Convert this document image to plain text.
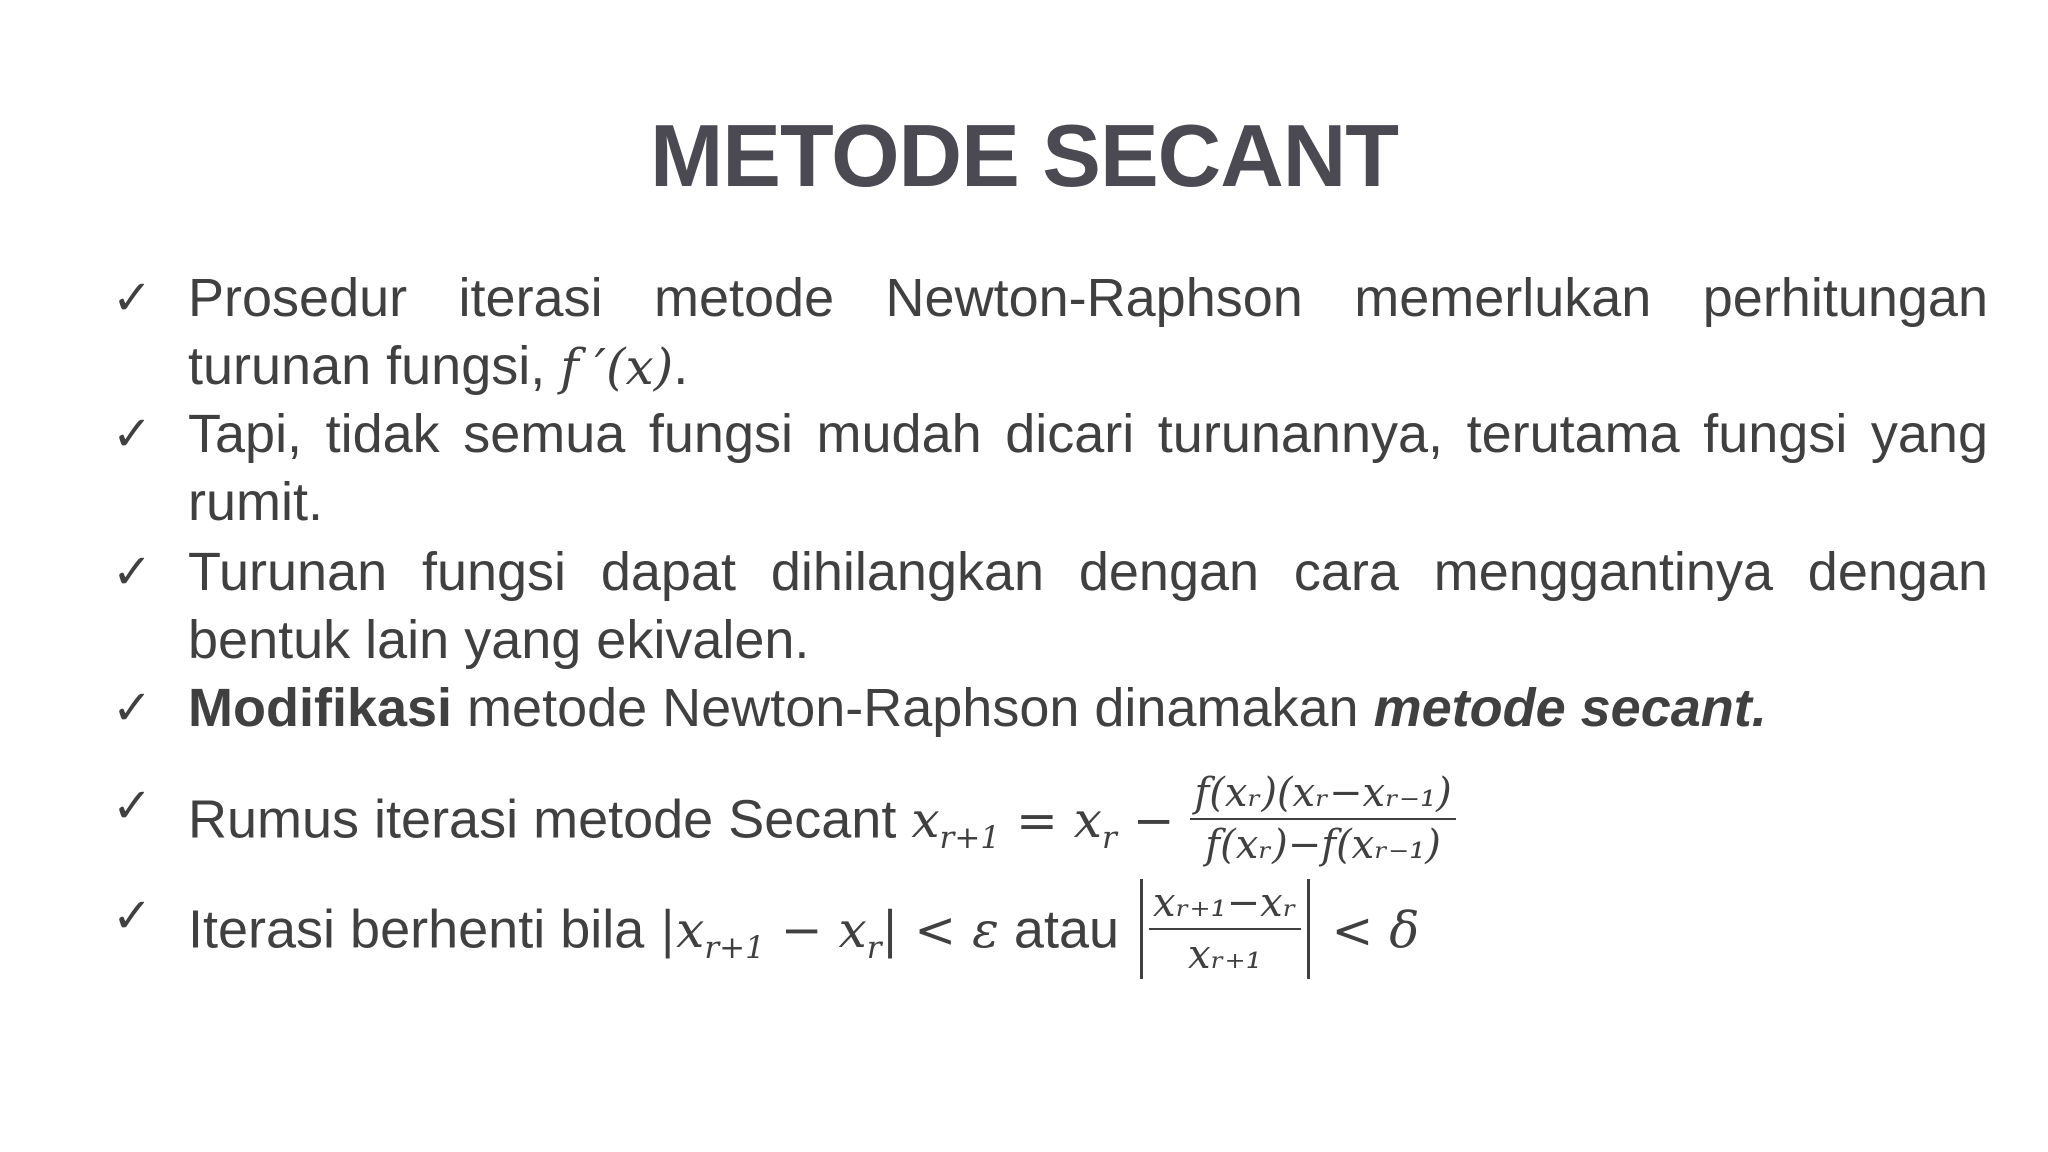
METODE SECANT
✓ Prosedur iterasi metode Newton-Raphson memerlukan perhitungan turunan fungsi, f ′(x).
✓ Tapi, tidak semua fungsi mudah dicari turunannya, terutama fungsi yang rumit.
✓ Turunan fungsi dapat dihilangkan dengan cara menggantinya dengan bentuk lain yang ekivalen.
✓ Modifikasi metode Newton-Raphson dinamakan metode secant.
✓ Rumus iterasi metode Secant $x_{r+1} = x_r - \frac{\text{f(xᵣ)(xᵣ−xᵣ₋₁)}}{\text{f(xᵣ)−f(xᵣ₋₁)}}$
✓ Iterasi berhenti bila $|x_{r+1} - x_r| < \varepsilon$ atau $\frac{\text{xᵣ₊₁−xᵣ}}{\text{xᵣ₊₁}} < \delta$
